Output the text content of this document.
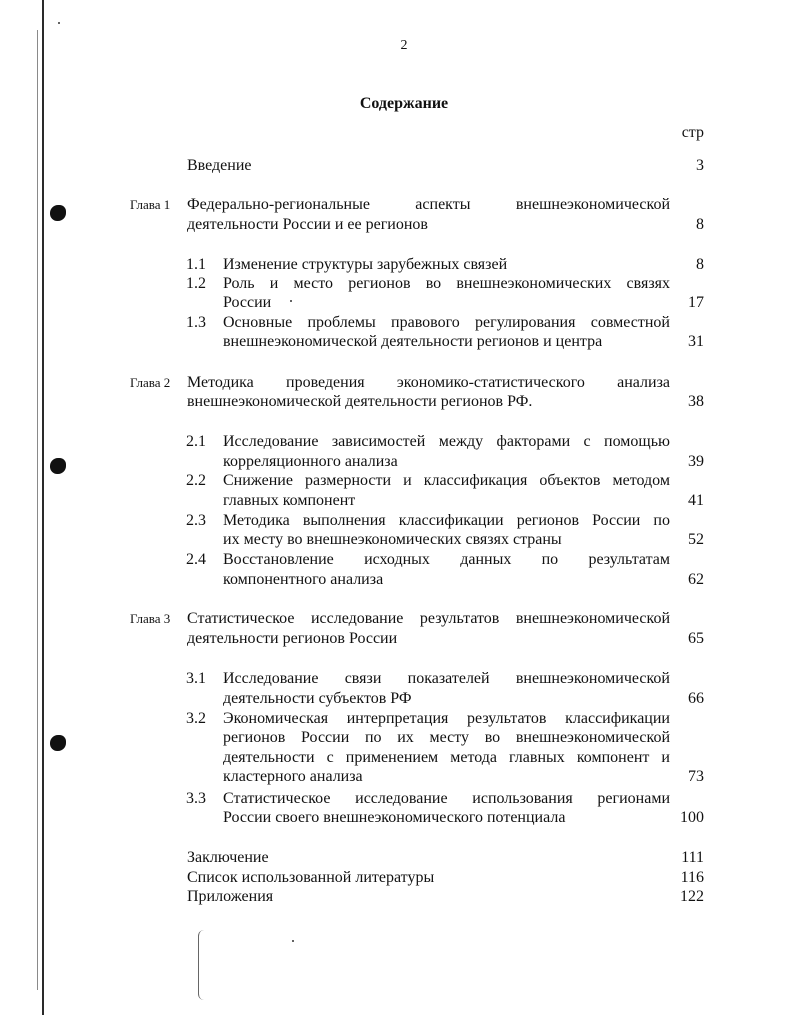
2
Содержание
стр
Введение	3
Глава 1 Федерально-региональные аспекты внешнеэкономической
деятельности России и ее регионов	8
1.1 Изменение структуры зарубежных связей	8
1.2 Роль и место регионов во внешнеэкономических связях
России	17
1.3 Основные проблемы правового регулирования совместной
внешнеэкономической деятельности регионов и центра	31
Глава 2 Методика проведения экономико-статистического анализа
внешнеэкономической деятельности регионов РФ.	38
2.1 Исследование зависимостей между факторами с помощью
корреляционного анализа	39
2.2 Снижение размерности и классификация объектов методом
главных компонент	41
2.3 Методика выполнения классификации регионов России по
их месту во внешнеэкономических связях страны	52
2.4 Восстановление исходных данных по результатам
компонентного анализа	62
Глава 3 Статистическое исследование результатов внешнеэкономической
деятельности регионов России	65
3.1 Исследование связи показателей внешнеэкономической
деятельности субъектов РФ	66
3.2 Экономическая интерпретация результатов классификации
регионов России по их месту во внешнеэкономической
деятельности с применением метода главных компонент и
кластерного анализа	73
3.3 Статистическое исследование использования регионами
России своего внешнеэкономического потенциала	100
Заключение	111
Список использованной литературы	116
Приложения	122
